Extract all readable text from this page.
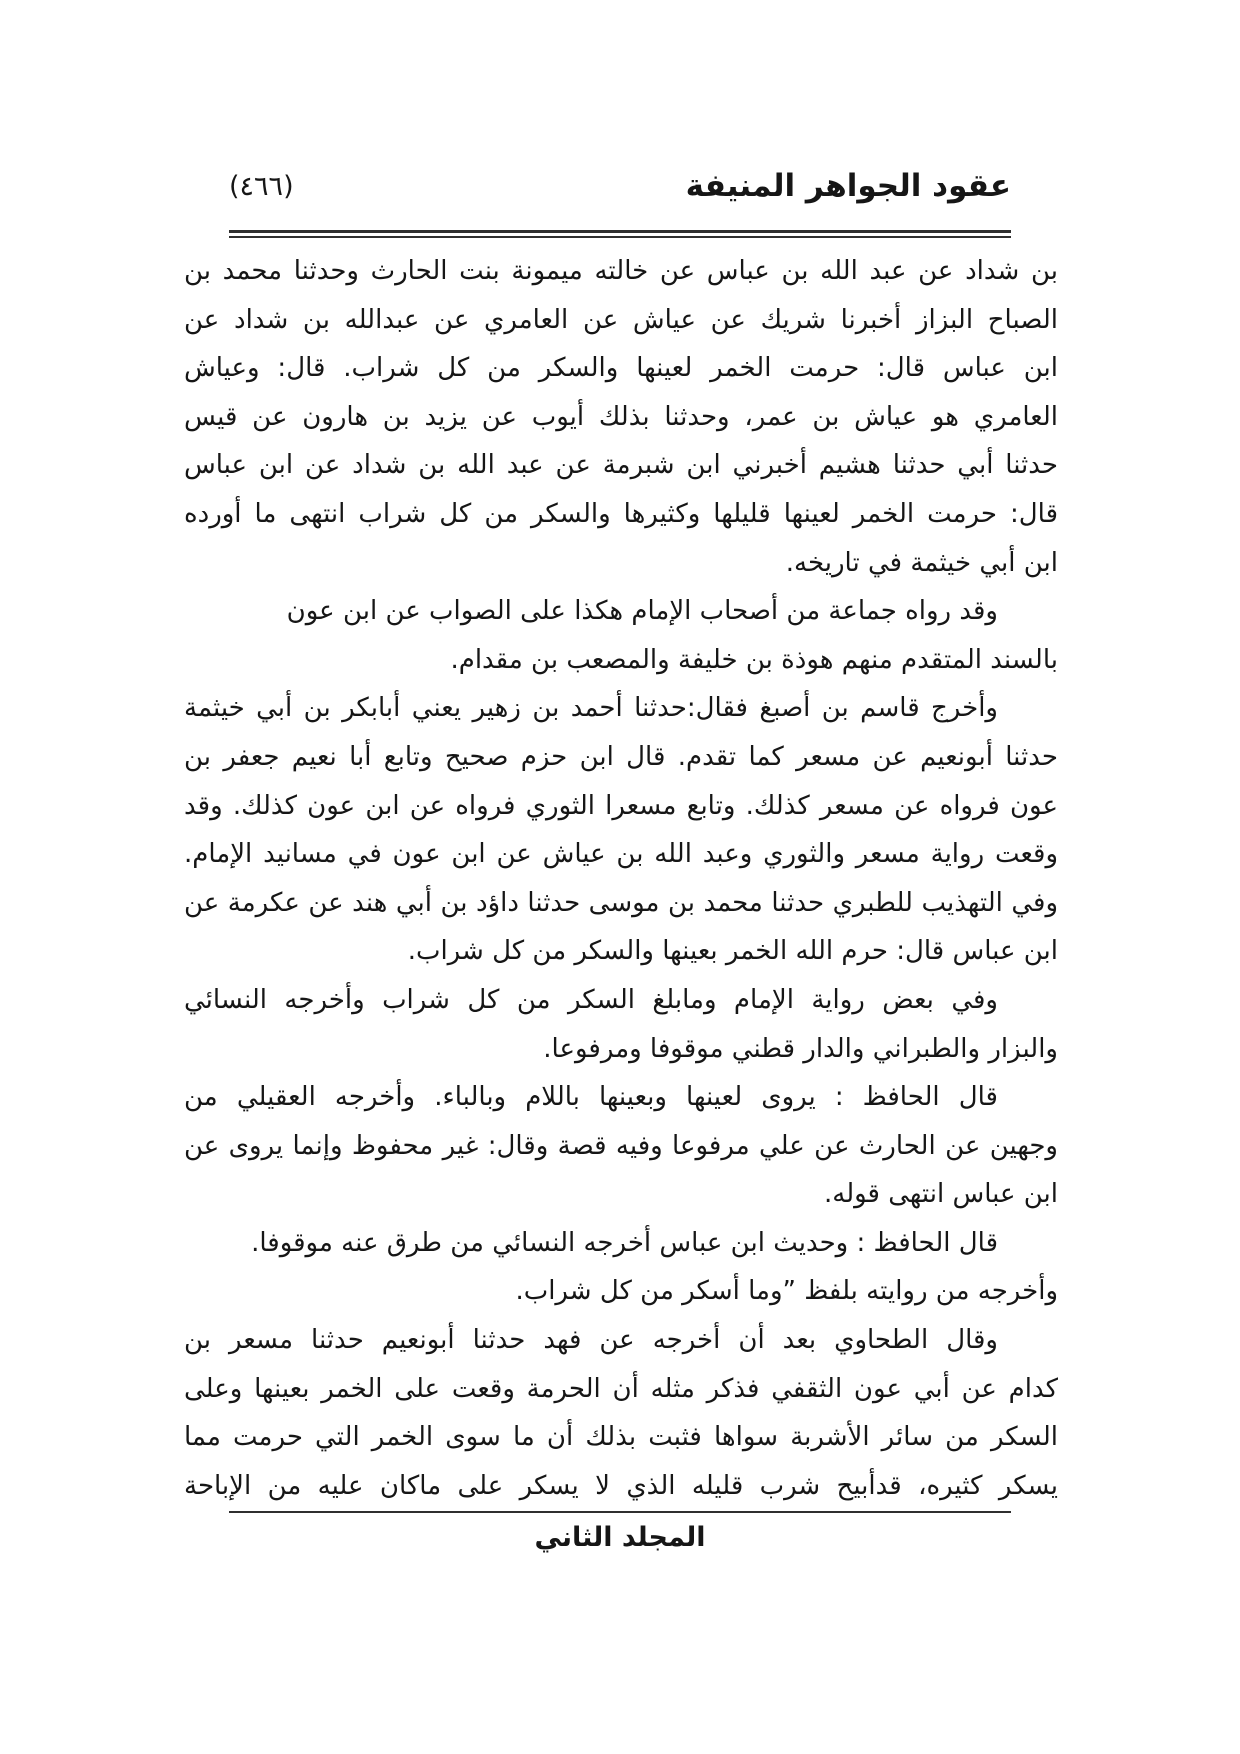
عقود الجواهر المنيفة
(٤٦٦)
بن شداد عن عبد الله بن عباس عن خالته ميمونة بنت الحارث وحدثنا محمد بن
الصباح البزاز أخبرنا شريك عن عياش عن العامري عن عبدالله بن شداد عن
ابن عباس قال: حرمت الخمر لعينها والسكر من كل شراب. قال: وعياش
العامري هو عياش بن عمر، وحدثنا بذلك أيوب عن يزيد بن هارون عن قيس
حدثنا أبي حدثنا هشيم أخبرني ابن شبرمة عن عبد الله بن شداد عن ابن عباس
قال: حرمت الخمر لعينها قليلها وكثيرها والسكر من كل شراب انتهى ما أورده
ابن أبي خيثمة في تاريخه.
وقد رواه جماعة من أصحاب الإمام هكذا على الصواب عن ابن عون
بالسند المتقدم منهم هوذة بن خليفة والمصعب بن مقدام.
وأخرج قاسم بن أصبغ فقال:حدثنا أحمد بن زهير يعني أبابكر بن أبي خيثمة
حدثنا أبونعيم عن مسعر كما تقدم. قال ابن حزم صحيح وتابع أبا نعيم جعفر بن
عون فرواه عن مسعر كذلك. وتابع مسعرا الثوري فرواه عن ابن عون كذلك. وقد
وقعت رواية مسعر والثوري وعبد الله بن عياش عن ابن عون في مسانيد الإمام.
وفي التهذيب للطبري حدثنا محمد بن موسى حدثنا داؤد بن أبي هند عن عكرمة عن
ابن عباس قال: حرم الله الخمر بعينها والسكر من كل شراب.
وفي بعض رواية الإمام ومابلغ السكر من كل شراب وأخرجه النسائي
والبزار والطبراني والدار قطني موقوفا ومرفوعا.
قال الحافظ : يروى لعينها وبعينها باللام وبالباء. وأخرجه العقيلي من
وجهين عن الحارث عن علي مرفوعا وفيه قصة وقال: غير محفوظ وإنما يروى عن
ابن عباس انتهى قوله.
قال الحافظ : وحديث ابن عباس أخرجه النسائي من طرق عنه موقوفا.
وأخرجه من روايته بلفظ ”وما أسكر من كل شراب.
وقال الطحاوي بعد أن أخرجه عن فهد حدثنا أبونعيم حدثنا مسعر بن
كدام عن أبي عون الثقفي فذكر مثله أن الحرمة وقعت على الخمر بعينها وعلى
السكر من سائر الأشربة سواها فثبت بذلك أن ما سوى الخمر التي حرمت مما
يسكر كثيره، قدأبيح شرب قليله الذي لا يسكر على ماكان عليه من الإباحة
المجلد الثاني
